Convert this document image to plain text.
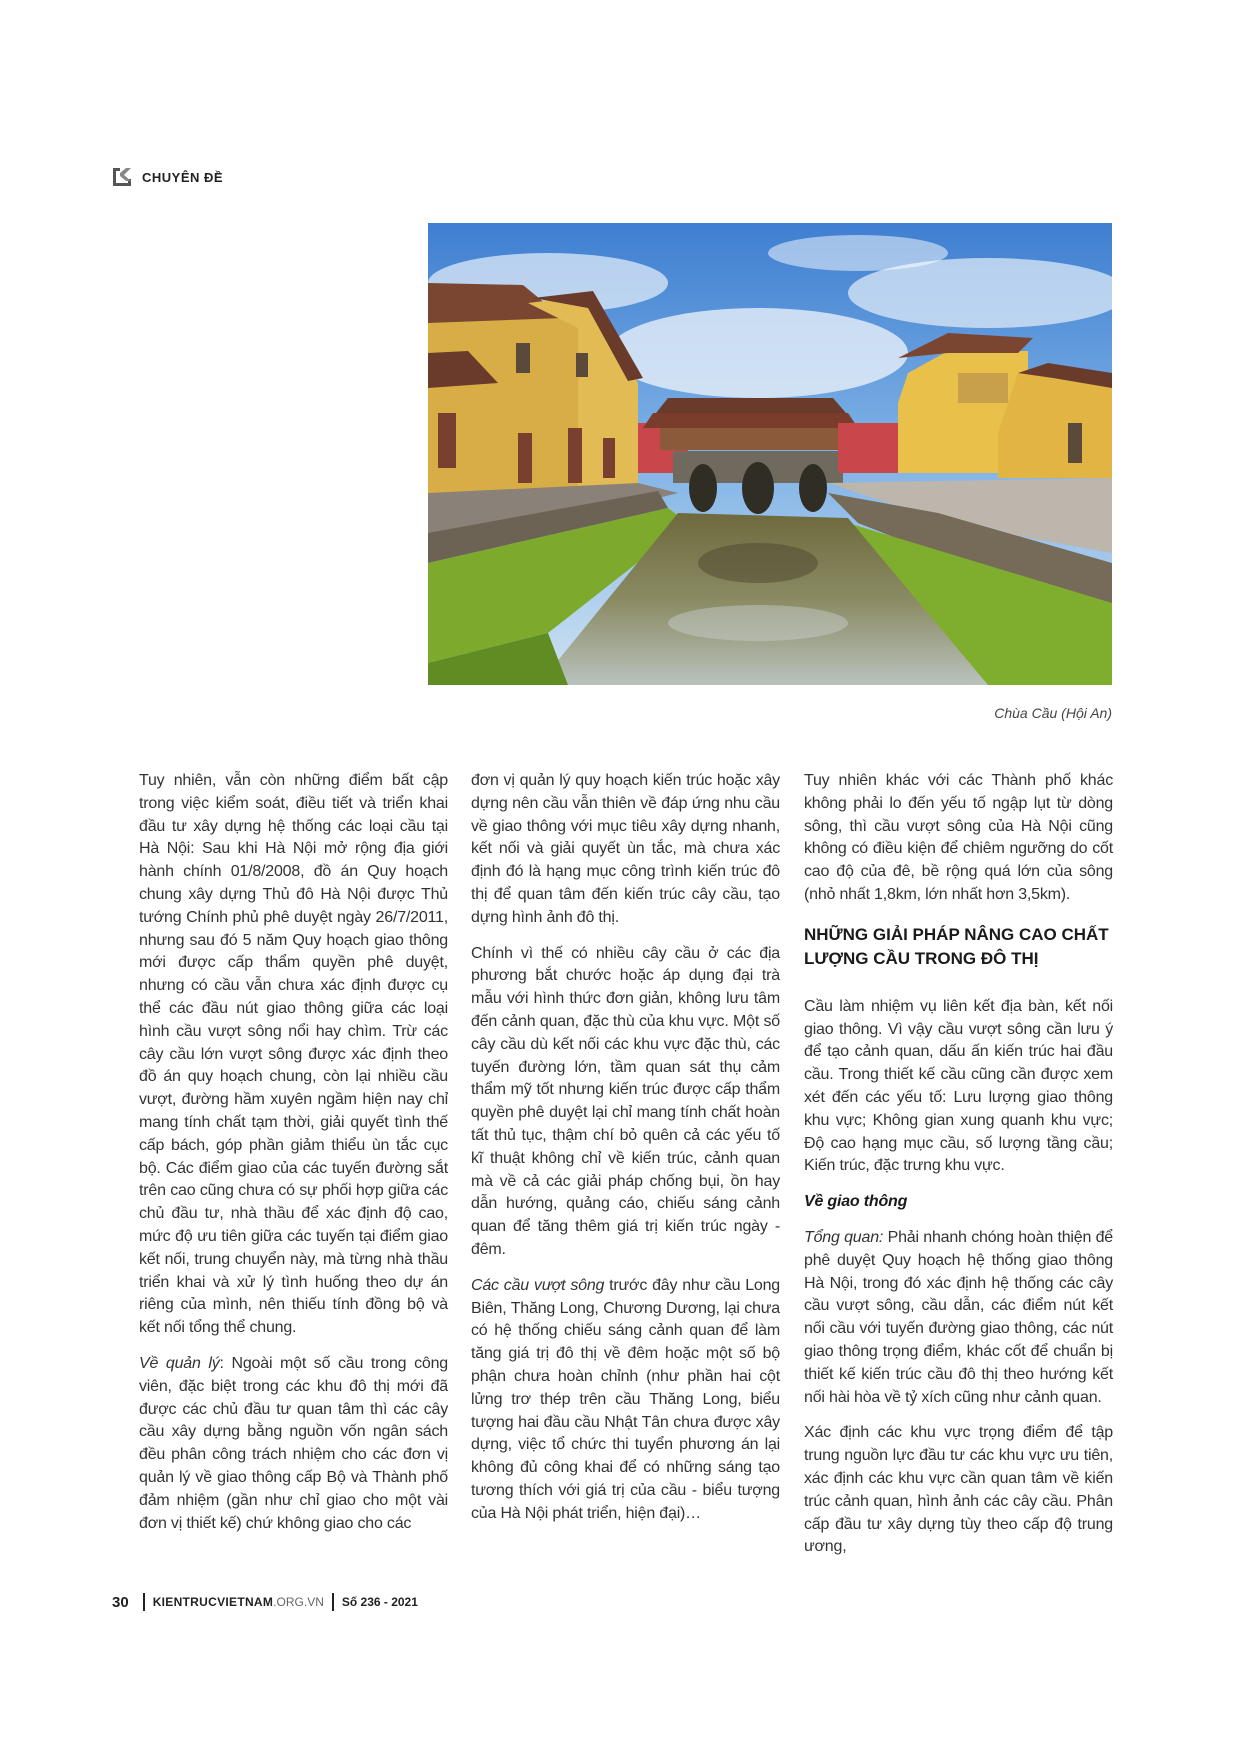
CHUYÊN ĐỀ
Chùa Cầu (Hội An)

Tuy nhiên, vẫn còn những điểm bất cập trong việc kiểm soát, điều tiết và triển khai đầu tư xây dựng hệ thống các loại cầu tại Hà Nội: Sau khi Hà Nội mở rộng địa giới hành chính 01/8/2008, đồ án Quy hoạch chung xây dựng Thủ đô Hà Nội được Thủ tướng Chính phủ phê duyệt ngày 26/7/2011, nhưng sau đó 5 năm Quy hoạch giao thông mới được cấp thẩm quyền phê duyệt, nhưng có cầu vẫn chưa xác định được cụ thể các đầu nút giao thông giữa các loại hình cầu vượt sông nổi hay chìm. Trừ các cây cầu lớn vượt sông được xác định theo đồ án quy hoạch chung, còn lại nhiều cầu vượt, đường hầm xuyên ngầm hiện nay chỉ mang tính chất tạm thời, giải quyết tình thế cấp bách, góp phần giảm thiểu ùn tắc cục bộ. Các điểm giao của các tuyến đường sắt trên cao cũng chưa có sự phối hợp giữa các chủ đầu tư, nhà thầu để xác định độ cao, mức độ ưu tiên giữa các tuyến tại điểm giao kết nối, trung chuyển này, mà từng nhà thầu triển khai và xử lý tình huống theo dự án riêng của mình, nên thiếu tính đồng bộ và kết nối tổng thể chung.

Về quản lý: Ngoài một số cầu trong công viên, đặc biệt trong các khu đô thị mới đã được các chủ đầu tư quan tâm thì các cây cầu xây dựng bằng nguồn vốn ngân sách đều phân công trách nhiệm cho các đơn vị quản lý về giao thông cấp Bộ và Thành phố đảm nhiệm (gần như chỉ giao cho một vài đơn vị thiết kế) chứ không giao cho các

đơn vị quản lý quy hoạch kiến trúc hoặc xây dựng nên cầu vẫn thiên về đáp ứng nhu cầu về giao thông với mục tiêu xây dựng nhanh, kết nối và giải quyết ùn tắc, mà chưa xác định đó là hạng mục công trình kiến trúc đô thị để quan tâm đến kiến trúc cây cầu, tạo dựng hình ảnh đô thị.

Chính vì thế có nhiều cây cầu ở các địa phương bắt chước hoặc áp dụng đại trà mẫu với hình thức đơn giản, không lưu tâm đến cảnh quan, đặc thù của khu vực. Một số cây cầu dù kết nối các khu vực đặc thù, các tuyến đường lớn, tầm quan sát thụ cảm thẩm mỹ tốt nhưng kiến trúc được cấp thẩm quyền phê duyệt lại chỉ mang tính chất hoàn tất thủ tục, thậm chí bỏ quên cả các yếu tố kĩ thuật không chỉ về kiến trúc, cảnh quan mà về cả các giải pháp chống bụi, ồn hay dẫn hướng, quảng cáo, chiếu sáng cảnh quan để tăng thêm giá trị kiến trúc ngày - đêm.

Các cầu vượt sông trước đây như cầu Long Biên, Thăng Long, Chương Dương, lại chưa có hệ thống chiếu sáng cảnh quan để làm tăng giá trị đô thị về đêm hoặc một số bộ phận chưa hoàn chỉnh (như phần hai cột lửng trơ thép trên cầu Thăng Long, biểu tượng hai đầu cầu Nhật Tân chưa được xây dựng, việc tổ chức thi tuyển phương án lại không đủ công khai để có những sáng tạo tương thích với giá trị của cầu - biểu tượng của Hà Nội phát triển, hiện đại)…

Tuy nhiên khác với các Thành phố khác không phải lo đến yếu tố ngập lụt từ dòng sông, thì cầu vượt sông của Hà Nội cũng không có điều kiện để chiêm ngưỡng do cốt cao độ của đê, bề rộng quá lớn của sông (nhỏ nhất 1,8km, lớn nhất hơn 3,5km).

NHỮNG GIẢI PHÁP NÂNG CAO CHẤT LƯỢNG CẦU TRONG ĐÔ THỊ

Cầu làm nhiệm vụ liên kết địa bàn, kết nối giao thông. Vì vậy cầu vượt sông cần lưu ý để tạo cảnh quan, dấu ấn kiến trúc hai đầu cầu. Trong thiết kế cầu cũng cần được xem xét đến các yếu tố: Lưu lượng giao thông khu vực; Không gian xung quanh khu vực; Độ cao hạng mục cầu, số lượng tầng cầu; Kiến trúc, đặc trưng khu vực.

Về giao thông

Tổng quan: Phải nhanh chóng hoàn thiện để phê duyệt Quy hoạch hệ thống giao thông Hà Nội, trong đó xác định hệ thống các cây cầu vượt sông, cầu dẫn, các điểm nút kết nối cầu với tuyến đường giao thông, các nút giao thông trọng điểm, khác cốt để chuẩn bị thiết kế kiến trúc cầu đô thị theo hướng kết nối hài hòa về tỷ xích cũng như cảnh quan.

Xác định các khu vực trọng điểm để tập trung nguồn lực đầu tư các khu vực ưu tiên, xác định các khu vực cần quan tâm về kiến trúc cảnh quan, hình ảnh các cây cầu. Phân cấp đầu tư xây dựng tùy theo cấp độ trung ương,

30 KIENTRUCVIETNAM .ORG.VN Số 236 - 2021
